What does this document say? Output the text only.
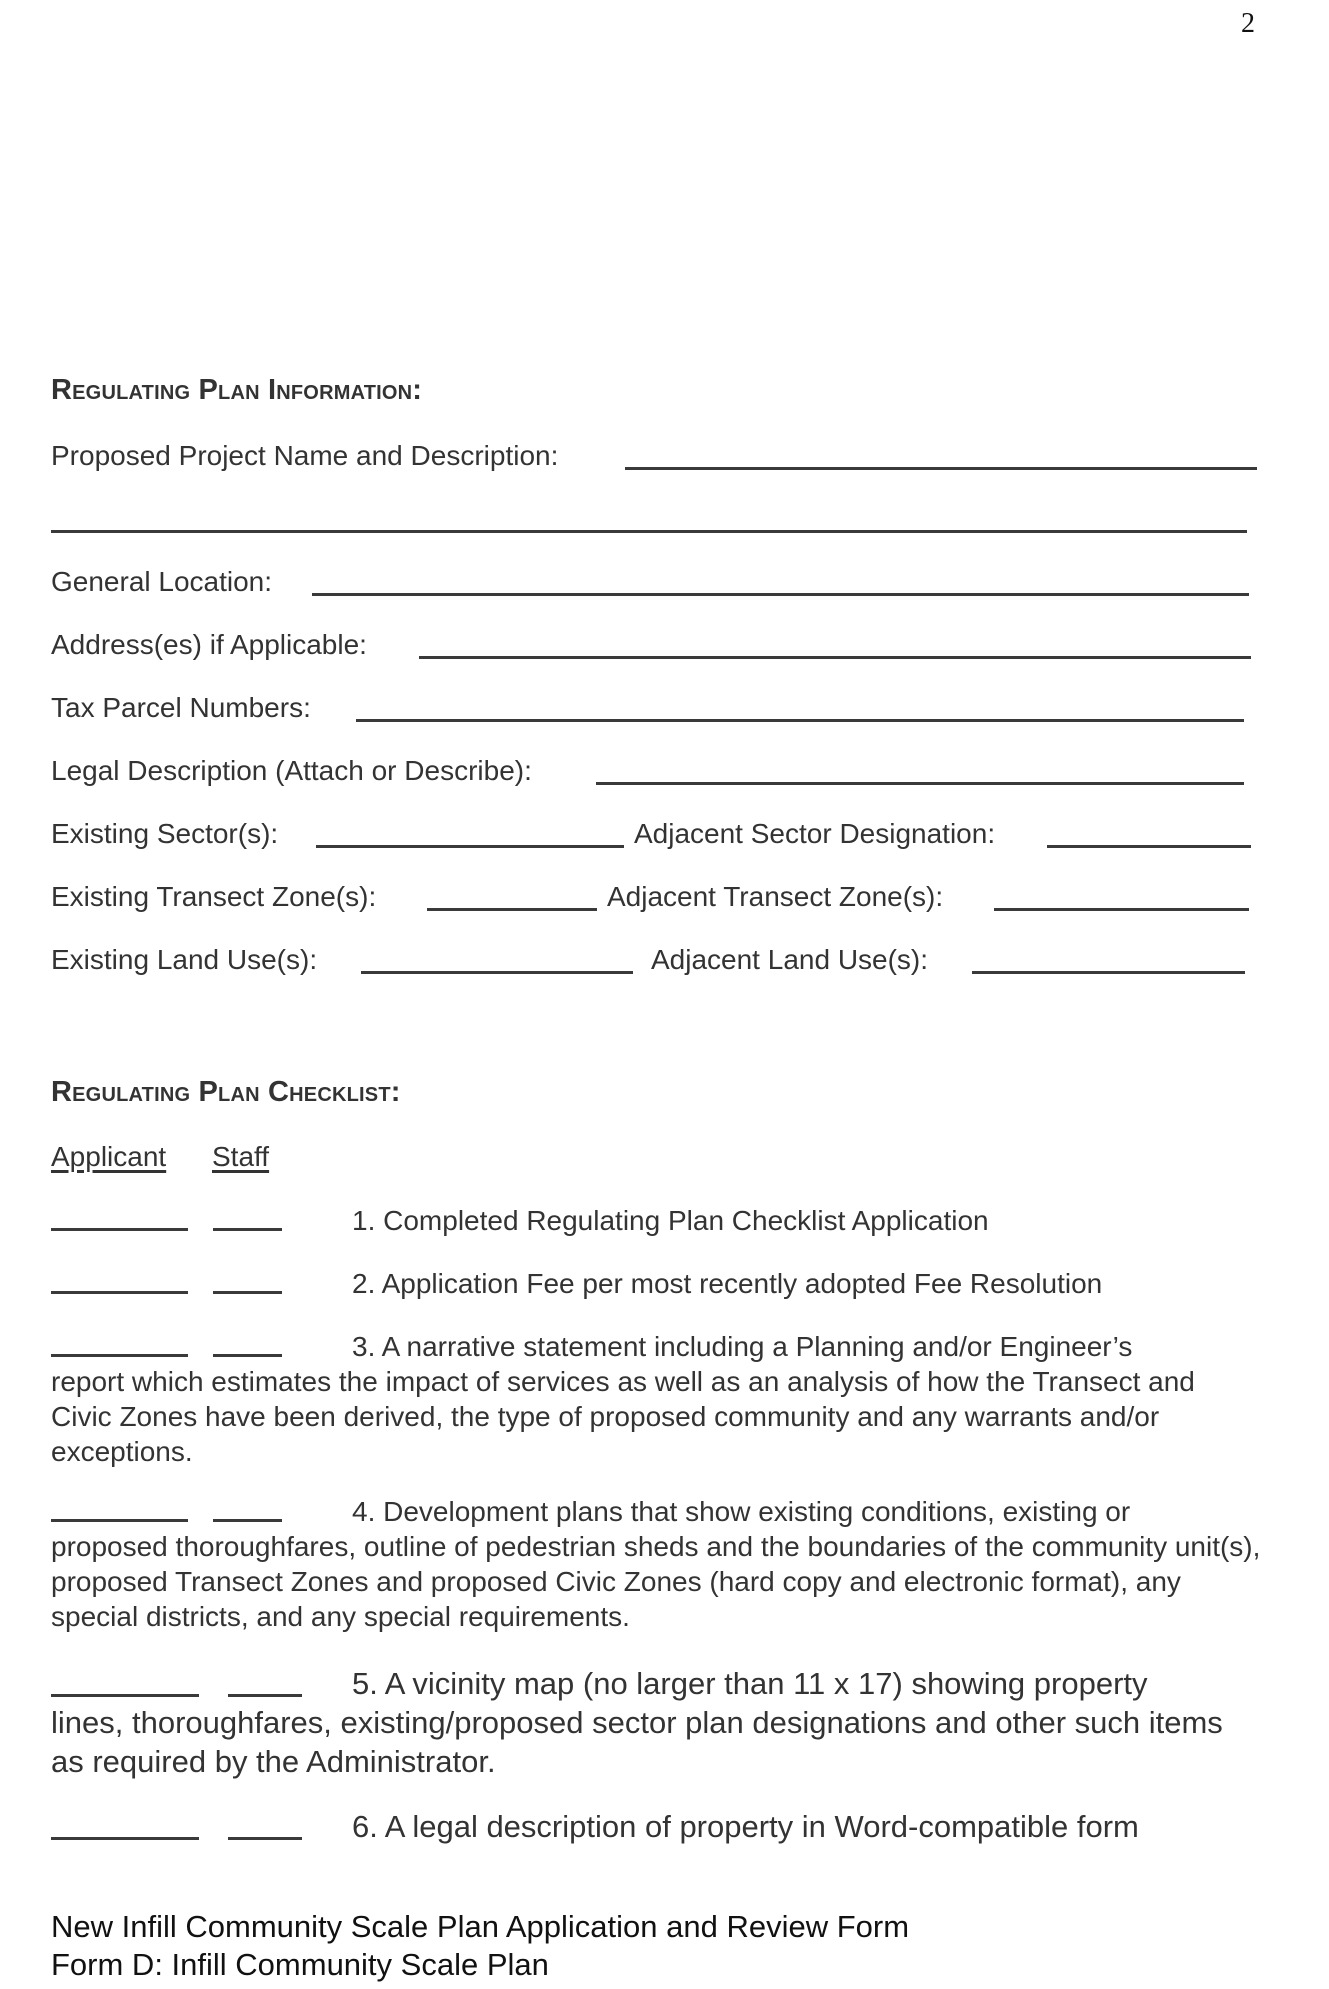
2
Regulating Plan Information:
Proposed Project Name and Description:
General Location:
Address(es) if Applicable:
Tax Parcel Numbers:
Legal Description (Attach or Describe):
Existing Sector(s):	Adjacent Sector Designation:
Existing Transect Zone(s):	Adjacent Transect Zone(s):
Existing Land Use(s):	Adjacent Land Use(s):
Regulating Plan Checklist:
Applicant Staff
1. Completed Regulating Plan Checklist Application
2. Application Fee per most recently adopted Fee Resolution
3. A narrative statement including a Planning and/or Engineer’s
report which estimates the impact of services as well as an analysis of how the Transect and Civic Zones have been derived, the type of proposed community and any warrants and/or exceptions.
4. Development plans that show existing conditions, existing or
proposed thoroughfares, outline of pedestrian sheds and the boundaries of the community unit(s), proposed Transect Zones and proposed Civic Zones (hard copy and electronic format), any special districts, and any special requirements.
5. A vicinity map (no larger than 11 x 17) showing property
lines, thoroughfares, existing/proposed sector plan designations and other such items as required by the Administrator.
6. A legal description of property in Word-compatible form
New Infill Community Scale Plan Application and Review Form
Form D: Infill Community Scale Plan
